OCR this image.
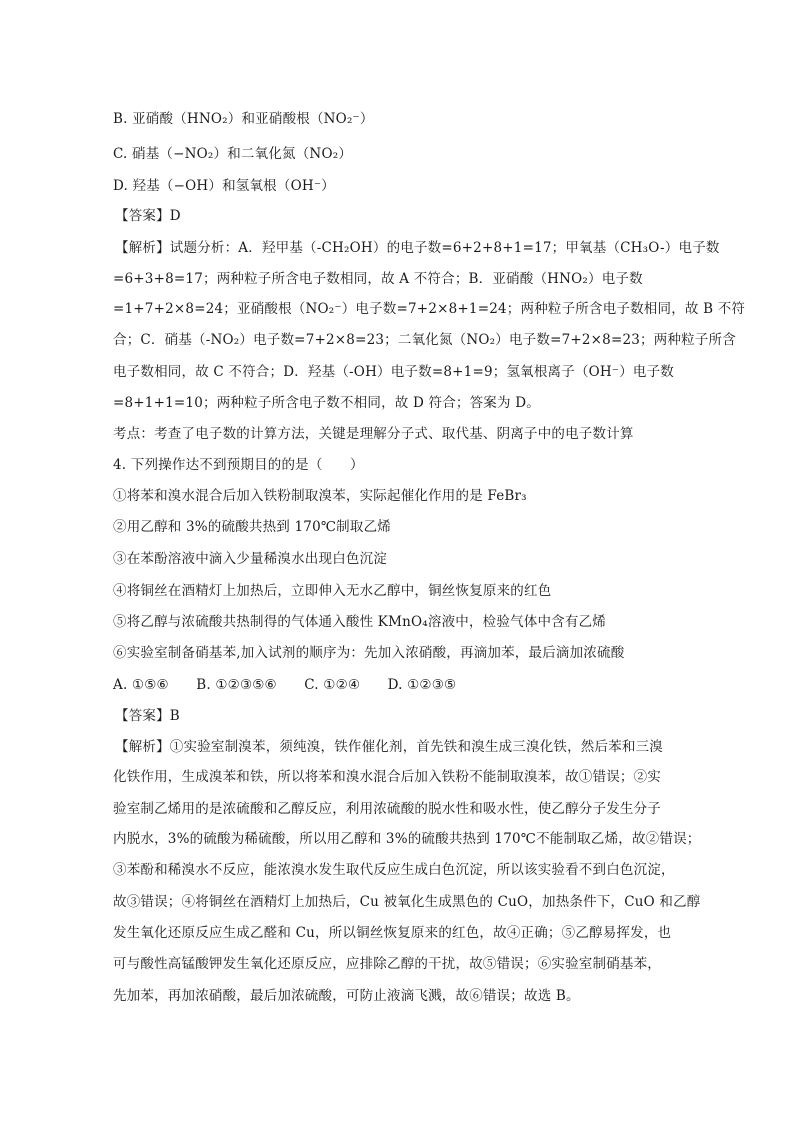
B. 亚硝酸（HNO₂）和亚硝酸根（NO₂⁻）
C. 硝基（−NO₂）和二氧化氮（NO₂）
D. 羟基（−OH）和氢氧根（OH⁻）
【答案】D
【解析】试题分析：A．羟甲基（-CH₂OH）的电子数=6+2+8+1=17；甲氧基（CH₃O-）电子数
=6+3+8=17；两种粒子所含电子数相同，故 A 不符合；B．亚硝酸（HNO₂）电子数
=1+7+2×8=24；亚硝酸根（NO₂⁻）电子数=7+2×8+1=24；两种粒子所含电子数相同，故 B 不符
合；C．硝基（-NO₂）电子数=7+2×8=23；二氧化氮（NO₂）电子数=7+2×8=23；两种粒子所含
电子数相同，故 C 不符合；D．羟基（-OH）电子数=8+1=9；氢氧根离子（OH⁻）电子数
=8+1+1=10；两种粒子所含电子数不相同，故 D 符合；答案为 D。
考点：考查了电子数的计算方法，关键是理解分子式、取代基、阴离子中的电子数计算
4. 下列操作达不到预期目的的是（　　）
①将苯和溴水混合后加入铁粉制取溴苯，实际起催化作用的是 FeBr₃
②用乙醇和 3%的硫酸共热到 170℃制取乙烯
③在苯酚溶液中滴入少量稀溴水出现白色沉淀
④将铜丝在酒精灯上加热后，立即伸入无水乙醇中，铜丝恢复原来的红色
⑤将乙醇与浓硫酸共热制得的气体通入酸性 KMnO₄溶液中，检验气体中含有乙烯
⑥实验室制备硝基苯,加入试剂的顺序为：先加入浓硝酸，再滴加苯，最后滴加浓硫酸
A. ①⑤⑥　　B. ①②③⑤⑥　　C. ①②④　　D. ①②③⑤
【答案】B
【解析】①实验室制溴苯，须纯溴，铁作催化剂，首先铁和溴生成三溴化铁，然后苯和三溴
化铁作用，生成溴苯和铁，所以将苯和溴水混合后加入铁粉不能制取溴苯，故①错误；②实
验室制乙烯用的是浓硫酸和乙醇反应，利用浓硫酸的脱水性和吸水性，使乙醇分子发生分子
内脱水，3%的硫酸为稀硫酸，所以用乙醇和 3%的硫酸共热到 170℃不能制取乙烯，故②错误；
③苯酚和稀溴水不反应，能浓溴水发生取代反应生成白色沉淀，所以该实验看不到白色沉淀，
故③错误；④将铜丝在酒精灯上加热后，Cu 被氧化生成黑色的 CuO，加热条件下，CuO 和乙醇
发生氧化还原反应生成乙醛和 Cu，所以铜丝恢复原来的红色，故④正确；⑤乙醇易挥发，也
可与酸性高锰酸钾发生氧化还原反应，应排除乙醇的干扰，故⑤错误；⑥实验室制硝基苯，
先加苯，再加浓硝酸，最后加浓硫酸，可防止液滴飞溅，故⑥错误；故选 B。
